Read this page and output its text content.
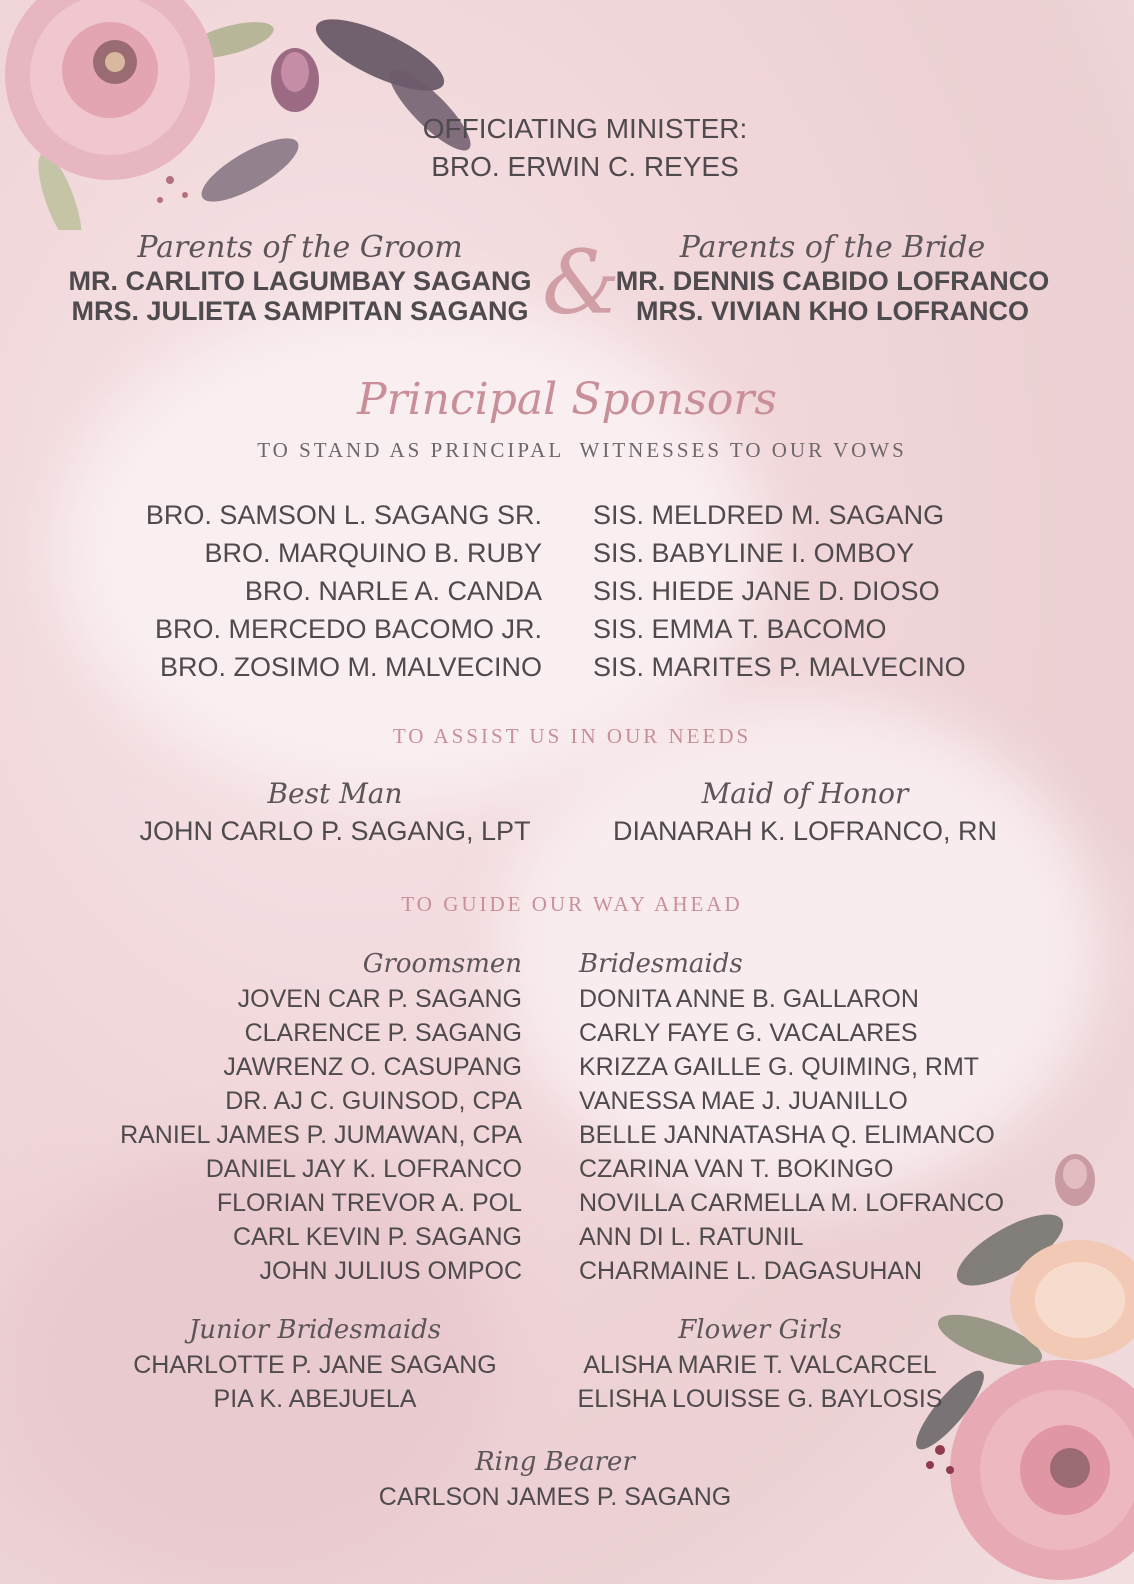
OFFICIATING MINISTER:
BRO. ERWIN C. REYES
Parents of the Groom
MR. CARLITO LAGUMBAY SAGANG
MRS. JULIETA SAMPITAN SAGANG &	Parents of the Bride
MR. DENNIS CABIDO LOFRANCO
MRS. VIVIAN KHO LOFRANCO
Principal Sponsors
TO STAND AS PRINCIPAL  WITNESSES TO OUR VOWS
BRO. SAMSON L. SAGANG SR.
BRO. MARQUINO B. RUBY
BRO. NARLE A. CANDA
BRO. MERCEDO BACOMO JR.
BRO. ZOSIMO M. MALVECINO
SIS. MELDRED M. SAGANG
SIS. BABYLINE I. OMBOY
SIS. HIEDE JANE D. DIOSO
SIS. EMMA T. BACOMO
SIS. MARITES P. MALVECINO
TO ASSIST US IN OUR NEEDS
Best Man
JOHN CARLO P. SAGANG, LPT
Maid of Honor
DIANARAH K. LOFRANCO, RN
TO GUIDE OUR WAY AHEAD
Groomsmen
JOVEN CAR P. SAGANG
CLARENCE P. SAGANG
JAWRENZ O. CASUPANG
DR. AJ C. GUINSOD, CPA
RANIEL JAMES P. JUMAWAN, CPA
DANIEL JAY K. LOFRANCO
FLORIAN TREVOR A. POL
CARL KEVIN P. SAGANG
JOHN JULIUS OMPOC
Bridesmaids
DONITA ANNE B. GALLARON
CARLY FAYE G. VACALARES
KRIZZA GAILLE G. QUIMING, RMT
VANESSA MAE J. JUANILLO
BELLE JANNATASHA Q. ELIMANCO
CZARINA VAN T. BOKINGO
NOVILLA CARMELLA M. LOFRANCO
ANN DI L. RATUNIL
CHARMAINE L. DAGASUHAN
Junior Bridesmaids
CHARLOTTE P. JANE SAGANG
PIA K. ABEJUELA
Flower Girls
ALISHA MARIE T. VALCARCEL
ELISHA LOUISSE G. BAYLOSIS
Ring Bearer
CARLSON JAMES P. SAGANG
